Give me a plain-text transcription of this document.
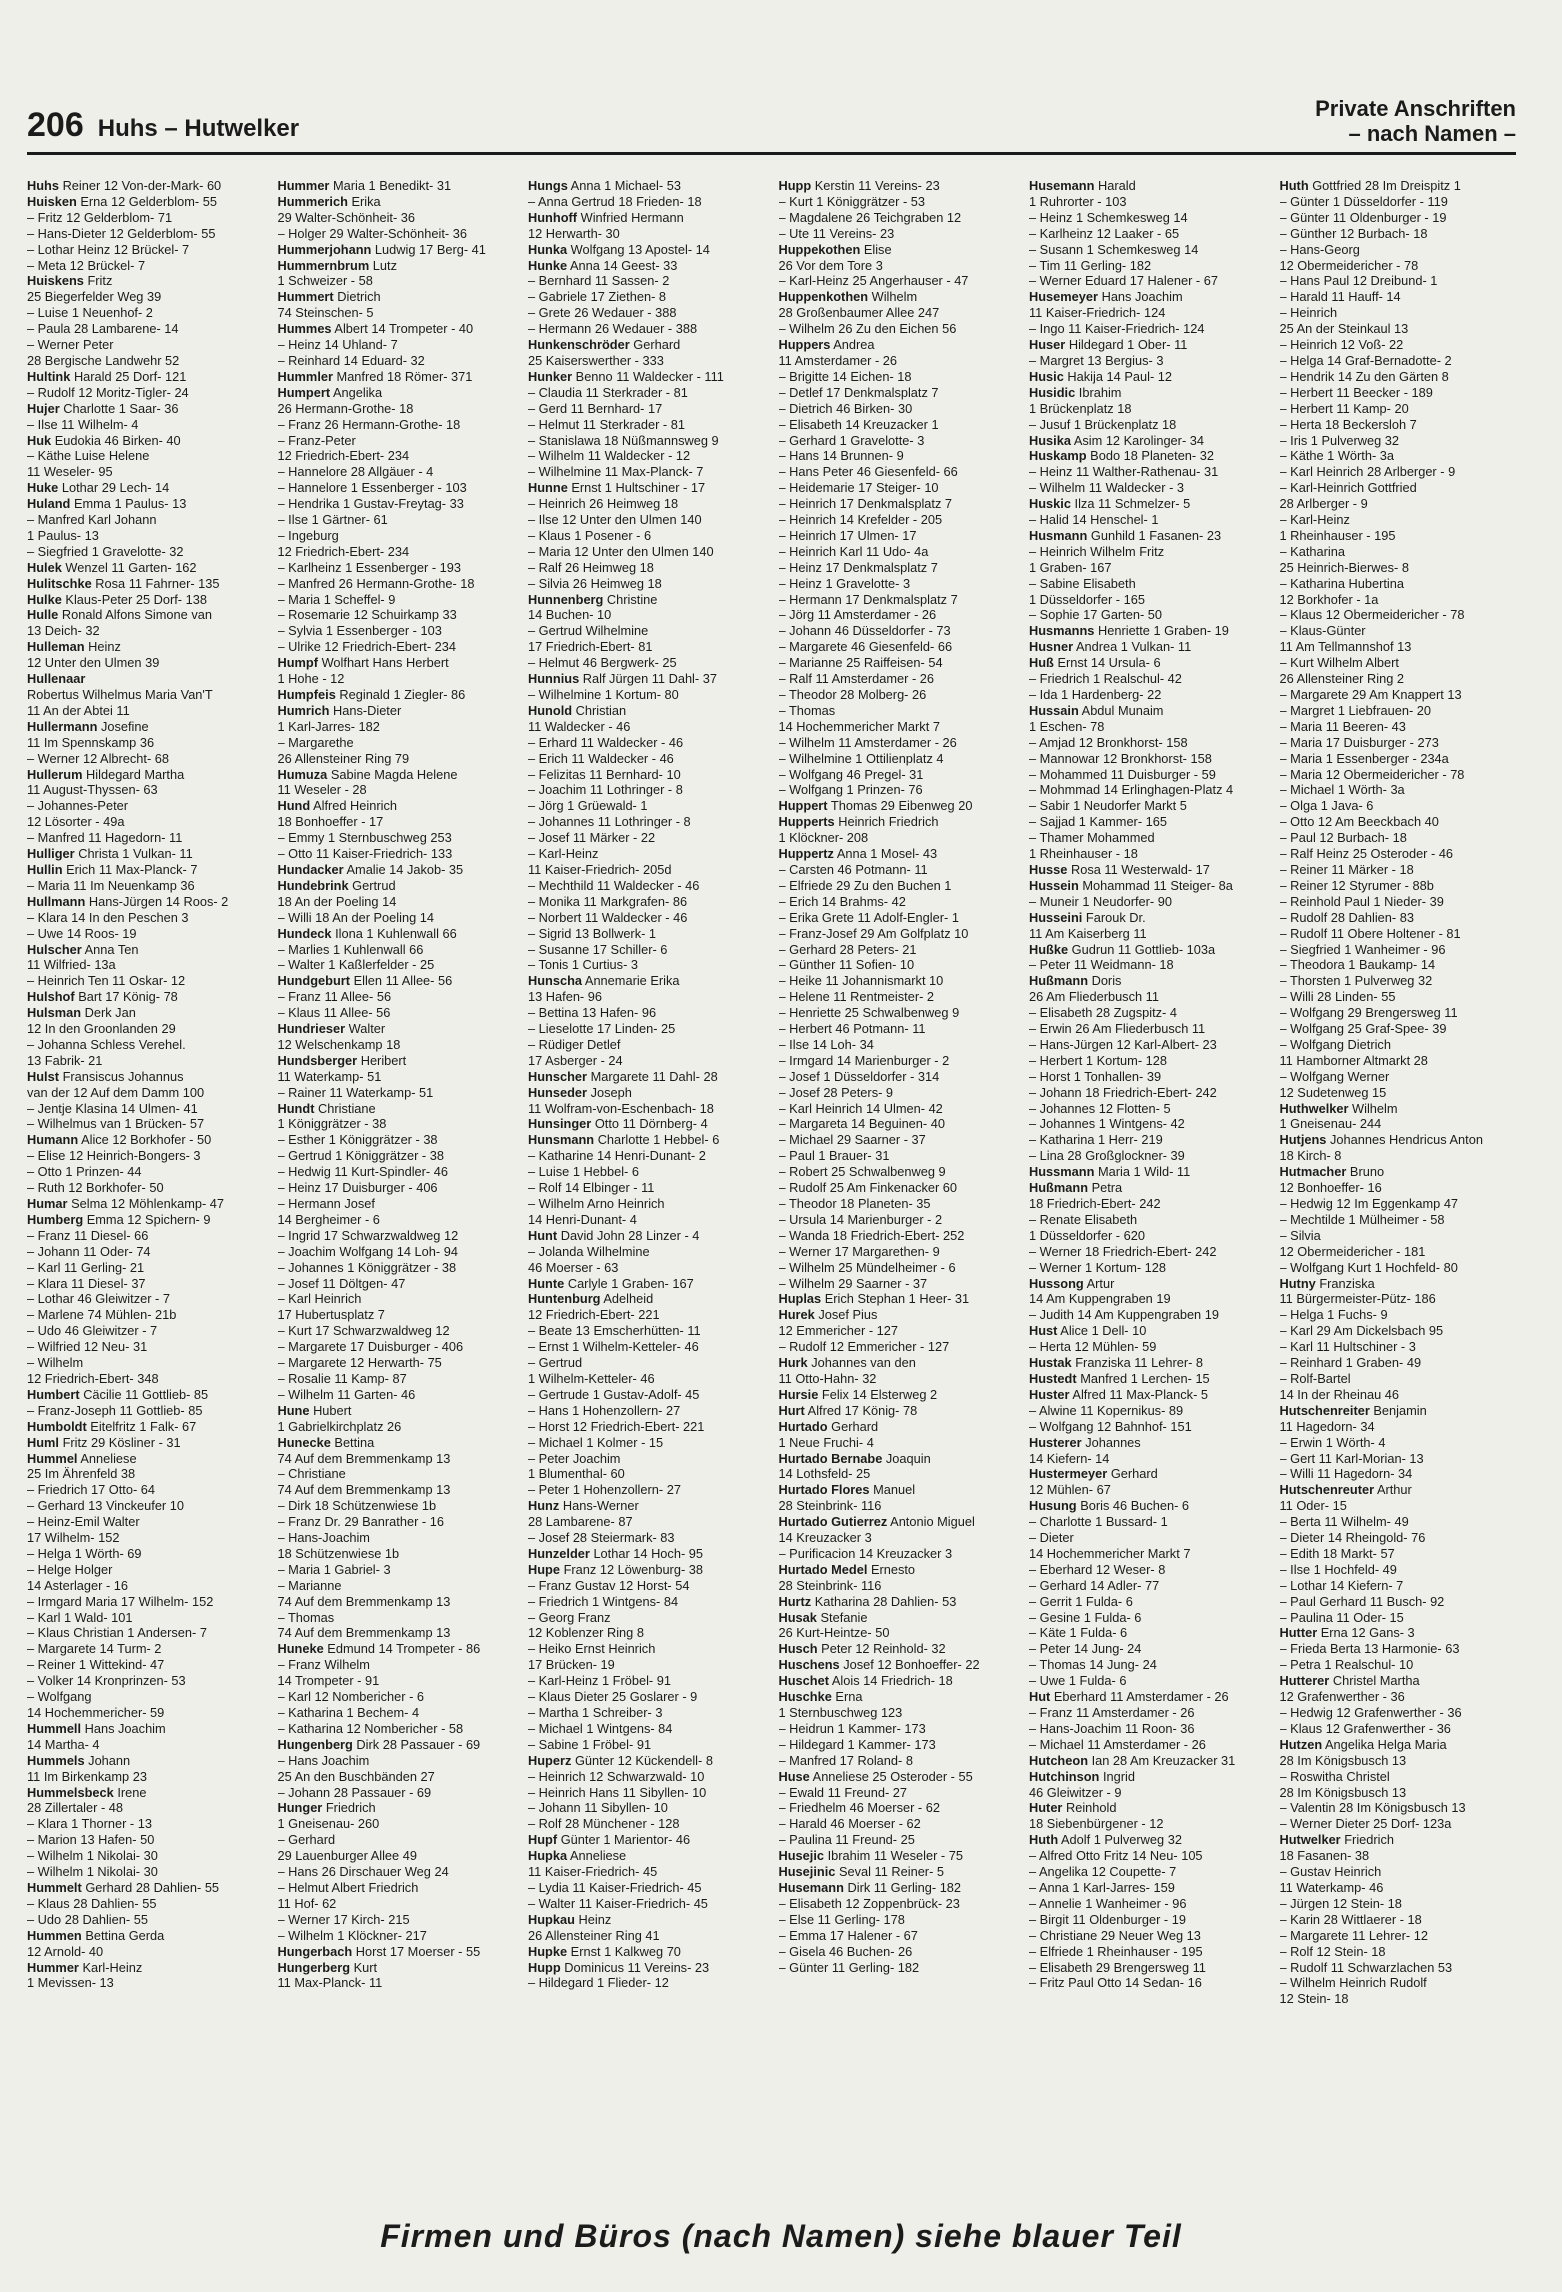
206 Huhs – Hutwelker
Private Anschriften
– nach Namen –

Huhs Reiner 12 Von-der-Mark- 60

Huisken Erna 12 Gelderblom- 55

– Fritz 12 Gelderblom- 71

– Hans-Dieter 12 Gelderblom- 55

– Lothar Heinz 12 Brückel- 7

– Meta 12 Brückel- 7

Huiskens Fritz

25 Biegerfelder Weg 39

– Luise 1 Neuenhof- 2

– Paula 28 Lambarene- 14

– Werner Peter

28 Bergische Landwehr 52

Hultink Harald 25 Dorf- 121

– Rudolf 12 Moritz-Tigler- 24

Hujer Charlotte 1 Saar- 36

– Ilse 11 Wilhelm- 4

Huk Eudokia 46 Birken- 40

– Käthe Luise Helene

11 Weseler- 95

Huke Lothar 29 Lech- 14

Huland Emma 1 Paulus- 13

– Manfred Karl Johann

1 Paulus- 13

– Siegfried 1 Gravelotte- 32

Hulek Wenzel 11 Garten- 162

Hulitschke Rosa 11 Fahrner- 135

Hulke Klaus-Peter 25 Dorf- 138

Hulle Ronald Alfons Simone van

13 Deich- 32

Hulleman Heinz

12 Unter den Ulmen 39

Hullenaar

Robertus Wilhelmus Maria Van'T

11 An der Abtei 11

Hullermann Josefine

11 Im Spennskamp 36

– Werner 12 Albrecht- 68

Hullerum Hildegard Martha

11 August-Thyssen- 63

– Johannes-Peter

12 Lösorter - 49a

– Manfred 11 Hagedorn- 11

Hulliger Christa 1 Vulkan- 11

Hullin Erich 11 Max-Planck- 7

– Maria 11 Im Neuenkamp 36

Hullmann Hans-Jürgen 14 Roos- 2

– Klara 14 In den Peschen 3

– Uwe 14 Roos- 19

Hulscher Anna Ten

11 Wilfried- 13a

– Heinrich Ten 11 Oskar- 12

Hulshof Bart 17 König- 78

Hulsman Derk Jan

12 In den Groonlanden 29

– Johanna Schless Verehel.

13 Fabrik- 21

Hulst Fransiscus Johannus

van der 12 Auf dem Damm 100

– Jentje Klasina 14 Ulmen- 41

– Wilhelmus van 1 Brücken- 57

Humann Alice 12 Borkhofer - 50

– Elise 12 Heinrich-Bongers- 3

– Otto 1 Prinzen- 44

– Ruth 12 Borkhofer- 50

Humar Selma 12 Möhlenkamp- 47

Humberg Emma 12 Spichern- 9

– Franz 11 Diesel- 66

– Johann 11 Oder- 74

– Karl 11 Gerling- 21

– Klara 11 Diesel- 37

– Lothar 46 Gleiwitzer - 7

– Marlene 74 Mühlen- 21b

– Udo 46 Gleiwitzer - 7

– Wilfried 12 Neu- 31

– Wilhelm

12 Friedrich-Ebert- 348

Humbert Cäcilie 11 Gottlieb- 85

– Franz-Joseph 11 Gottlieb- 85

Humboldt Eitelfritz 1 Falk- 67

Huml Fritz 29 Kösliner - 31

Hummel Anneliese

25 Im Ährenfeld 38

– Friedrich 17 Otto- 64

– Gerhard 13 Vinckeufer 10

– Heinz-Emil Walter

17 Wilhelm- 152

– Helga 1 Wörth- 69

– Helge Holger

14 Asterlager - 16

– Irmgard Maria 17 Wilhelm- 152

– Karl 1 Wald- 101

– Klaus Christian 1 Andersen- 7

– Margarete 14 Turm- 2

– Reiner 1 Wittekind- 47

– Volker 14 Kronprinzen- 53

– Wolfgang

14 Hochemmericher- 59

Hummell Hans Joachim

14 Martha- 4

Hummels Johann

11 Im Birkenkamp 23

Hummelsbeck Irene

28 Zillertaler - 48

– Klara 1 Thorner - 13

– Marion 13 Hafen- 50

– Wilhelm 1 Nikolai- 30

– Wilhelm 1 Nikolai- 30

Hummelt Gerhard 28 Dahlien- 55

– Klaus 28 Dahlien- 55

– Udo 28 Dahlien- 55

Hummen Bettina Gerda

12 Arnold- 40

Hummer Karl-Heinz

1 Mevissen- 13

Hummer Maria 1 Benedikt- 31

Hummerich Erika

29 Walter-Schönheit- 36

– Holger 29 Walter-Schönheit- 36

Hummerjohann Ludwig 17 Berg- 41

Hummernbrum Lutz

1 Schweizer - 58

Hummert Dietrich

74 Steinschen- 5

Hummes Albert 14 Trompeter - 40

– Heinz 14 Uhland- 7

– Reinhard 14 Eduard- 32

Hummler Manfred 18 Römer- 371

Humpert Angelika

26 Hermann-Grothe- 18

– Franz 26 Hermann-Grothe- 18

– Franz-Peter

12 Friedrich-Ebert- 234

– Hannelore 28 Allgäuer - 4

– Hannelore 1 Essenberger - 103

– Hendrika 1 Gustav-Freytag- 33

– Ilse 1 Gärtner- 61

– Ingeburg

12 Friedrich-Ebert- 234

– Karlheinz 1 Essenberger - 193

– Manfred 26 Hermann-Grothe- 18

– Maria 1 Scheffel- 9

– Rosemarie 12 Schuirkamp 33

– Sylvia 1 Essenberger - 103

– Ulrike 12 Friedrich-Ebert- 234

Humpf Wolfhart Hans Herbert

1 Hohe - 12

Humpfeis Reginald 1 Ziegler- 86

Humrich Hans-Dieter

1 Karl-Jarres- 182

– Margarethe

26 Allensteiner Ring 79

Humuza Sabine Magda Helene

11 Weseler - 28

Hund Alfred Heinrich

18 Bonhoeffer - 17

– Emmy 1 Sternbuschweg 253

– Otto 11 Kaiser-Friedrich- 133

Hundacker Amalie 14 Jakob- 35

Hundebrink Gertrud

18 An der Poeling 14

– Willi 18 An der Poeling 14

Hundeck Ilona 1 Kuhlenwall 66

– Marlies 1 Kuhlenwall 66

– Walter 1 Kaßlerfelder - 25

Hundgeburt Ellen 11 Allee- 56

– Franz 11 Allee- 56

– Klaus 11 Allee- 56

Hundrieser Walter

12 Welschenkamp 18

Hundsberger Heribert

11 Waterkamp- 51

– Rainer 11 Waterkamp- 51

Hundt Christiane

1 Königgrätzer - 38

– Esther 1 Königgrätzer - 38

– Gertrud 1 Königgrätzer - 38

– Hedwig 11 Kurt-Spindler- 46

– Heinz 17 Duisburger - 406

– Hermann Josef

14 Bergheimer - 6

– Ingrid 17 Schwarzwaldweg 12

– Joachim Wolfgang 14 Loh- 94

– Johannes 1 Königgrätzer - 38

– Josef 11 Döltgen- 47

– Karl Heinrich

17 Hubertusplatz 7

– Kurt 17 Schwarzwaldweg 12

– Margarete 17 Duisburger - 406

– Margarete 12 Herwarth- 75

– Rosalie 11 Kamp- 87

– Wilhelm 11 Garten- 46

Hune Hubert

1 Gabrielkirchplatz 26

Hunecke Bettina

74 Auf dem Bremmenkamp 13

– Christiane

74 Auf dem Bremmenkamp 13

– Dirk 18 Schützenwiese 1b

– Franz Dr. 29 Banrather - 16

– Hans-Joachim

18 Schützenwiese 1b

– Maria 1 Gabriel- 3

– Marianne

74 Auf dem Bremmenkamp 13

– Thomas

74 Auf dem Bremmenkamp 13

Huneke Edmund 14 Trompeter - 86

– Franz Wilhelm

14 Trompeter - 91

– Karl 12 Nombericher - 6

– Katharina 1 Bechem- 4

– Katharina 12 Nombericher - 58

Hungenberg Dirk 28 Passauer - 69

– Hans Joachim

25 An den Buschbänden 27

– Johann 28 Passauer - 69

Hunger Friedrich

1 Gneisenau- 260

– Gerhard

29 Lauenburger Allee 49

– Hans 26 Dirschauer Weg 24

– Helmut Albert Friedrich

11 Hof- 62

– Werner 17 Kirch- 215

– Wilhelm 1 Klöckner- 217

Hungerbach Horst 17 Moerser - 55

Hungerberg Kurt

11 Max-Planck- 11

Hungs Anna 1 Michael- 53

– Anna Gertrud 18 Frieden- 18

Hunhoff Winfried Hermann

12 Herwarth- 30

Hunka Wolfgang 13 Apostel- 14

Hunke Anna 14 Geest- 33

– Bernhard 11 Sassen- 2

– Gabriele 17 Ziethen- 8

– Grete 26 Wedauer - 388

– Hermann 26 Wedauer - 388

Hunkenschröder Gerhard

25 Kaiserswerther - 333

Hunker Benno 11 Waldecker - 111

– Claudia 11 Sterkrader - 81

– Gerd 11 Bernhard- 17

– Helmut 11 Sterkrader - 81

– Stanislawa 18 Nüßmannsweg 9

– Wilhelm 11 Waldecker - 12

– Wilhelmine 11 Max-Planck- 7

Hunne Ernst 1 Hultschiner - 17

– Heinrich 26 Heimweg 18

– Ilse 12 Unter den Ulmen 140

– Klaus 1 Posener - 6

– Maria 12 Unter den Ulmen 140

– Ralf 26 Heimweg 18

– Silvia 26 Heimweg 18

Hunnenberg Christine

14 Buchen- 10

– Gertrud Wilhelmine

17 Friedrich-Ebert- 81

– Helmut 46 Bergwerk- 25

Hunnius Ralf Jürgen 11 Dahl- 37

– Wilhelmine 1 Kortum- 80

Hunold Christian

11 Waldecker - 46

– Erhard 11 Waldecker - 46

– Erich 11 Waldecker - 46

– Felizitas 11 Bernhard- 10

– Joachim 11 Lothringer - 8

– Jörg 1 Grüewald- 1

– Johannes 11 Lothringer - 8

– Josef 11 Märker - 22

– Karl-Heinz

11 Kaiser-Friedrich- 205d

– Mechthild 11 Waldecker - 46

– Monika 11 Markgrafen- 86

– Norbert 11 Waldecker - 46

– Sigrid 13 Bollwerk- 1

– Susanne 17 Schiller- 6

– Tonis 1 Curtius- 3

Hunscha Annemarie Erika

13 Hafen- 96

– Bettina 13 Hafen- 96

– Lieselotte 17 Linden- 25

– Rüdiger Detlef

17 Asberger - 24

Hunscher Margarete 11 Dahl- 28

Hunseder Joseph

11 Wolfram-von-Eschenbach- 18

Hunsinger Otto 11 Dörnberg- 4

Hunsmann Charlotte 1 Hebbel- 6

– Katharine 14 Henri-Dunant- 2

– Luise 1 Hebbel- 6

– Rolf 14 Elbinger - 11

– Wilhelm Arno Heinrich

14 Henri-Dunant- 4

Hunt David John 28 Linzer - 4

– Jolanda Wilhelmine

46 Moerser - 63

Hunte Carlyle 1 Graben- 167

Huntenburg Adelheid

12 Friedrich-Ebert- 221

– Beate 13 Emscherhütten- 11

– Ernst 1 Wilhelm-Ketteler- 46

– Gertrud

1 Wilhelm-Ketteler- 46

– Gertrude 1 Gustav-Adolf- 45

– Hans 1 Hohenzollern- 27

– Horst 12 Friedrich-Ebert- 221

– Michael 1 Kolmer - 15

– Peter Joachim

1 Blumenthal- 60

– Peter 1 Hohenzollern- 27

Hunz Hans-Werner

28 Lambarene- 87

– Josef 28 Steiermark- 83

Hunzelder Lothar 14 Hoch- 95

Hupe Franz 12 Löwenburg- 38

– Franz Gustav 12 Horst- 54

– Friedrich 1 Wintgens- 84

– Georg Franz

12 Koblenzer Ring 8

– Heiko Ernst Heinrich

17 Brücken- 19

– Karl-Heinz 1 Fröbel- 91

– Klaus Dieter 25 Goslarer - 9

– Martha 1 Schreiber- 3

– Michael 1 Wintgens- 84

– Sabine 1 Fröbel- 91

Huperz Günter 12 Kückendell- 8

– Heinrich 12 Schwarzwald- 10

– Heinrich Hans 11 Sibyllen- 10

– Johann 11 Sibyllen- 10

– Rolf 28 Münchener - 128

Hupf Günter 1 Marientor- 46

Hupka Anneliese

11 Kaiser-Friedrich- 45

– Lydia 11 Kaiser-Friedrich- 45

– Walter 11 Kaiser-Friedrich- 45

Hupkau Heinz

26 Allensteiner Ring 41

Hupke Ernst 1 Kalkweg 70

Hupp Dominicus 11 Vereins- 23

– Hildegard 1 Flieder- 12

Hupp Kerstin 11 Vereins- 23

– Kurt 1 Königgrätzer - 53

– Magdalene 26 Teichgraben 12

– Ute 11 Vereins- 23

Huppekothen Elise

26 Vor dem Tore 3

– Karl-Heinz 25 Angerhauser - 47

Huppenkothen Wilhelm

28 Großenbaumer Allee 247

– Wilhelm 26 Zu den Eichen 56

Huppers Andrea

11 Amsterdamer - 26

– Brigitte 14 Eichen- 18

– Detlef 17 Denkmalsplatz 7

– Dietrich 46 Birken- 30

– Elisabeth 14 Kreuzacker 1

– Gerhard 1 Gravelotte- 3

– Hans 14 Brunnen- 9

– Hans Peter 46 Giesenfeld- 66

– Heidemarie 17 Steiger- 10

– Heinrich 17 Denkmalsplatz 7

– Heinrich 14 Krefelder - 205

– Heinrich 17 Ulmen- 17

– Heinrich Karl 11 Udo- 4a

– Heinz 17 Denkmalsplatz 7

– Heinz 1 Gravelotte- 3

– Hermann 17 Denkmalsplatz 7

– Jörg 11 Amsterdamer - 26

– Johann 46 Düsseldorfer - 73

– Margarete 46 Giesenfeld- 66

– Marianne 25 Raiffeisen- 54

– Ralf 11 Amsterdamer - 26

– Theodor 28 Molberg- 26

– Thomas

14 Hochemmericher Markt 7

– Wilhelm 11 Amsterdamer - 26

– Wilhelmine 1 Ottilienplatz 4

– Wolfgang 46 Pregel- 31

– Wolfgang 1 Prinzen- 76

Huppert Thomas 29 Eibenweg 20

Hupperts Heinrich Friedrich

1 Klöckner- 208

Huppertz Anna 1 Mosel- 43

– Carsten 46 Potmann- 11

– Elfriede 29 Zu den Buchen 1

– Erich 14 Brahms- 42

– Erika Grete 11 Adolf-Engler- 1

– Franz-Josef 29 Am Golfplatz 10

– Gerhard 28 Peters- 21

– Günther 11 Sofien- 10

– Heike 11 Johannismarkt 10

– Helene 11 Rentmeister- 2

– Henriette 25 Schwalbenweg 9

– Herbert 46 Potmann- 11

– Ilse 14 Loh- 34

– Irmgard 14 Marienburger - 2

– Josef 1 Düsseldorfer - 314

– Josef 28 Peters- 9

– Karl Heinrich 14 Ulmen- 42

– Margareta 14 Beguinen- 40

– Michael 29 Saarner - 37

– Paul 1 Brauer- 31

– Robert 25 Schwalbenweg 9

– Rudolf 25 Am Finkenacker 60

– Theodor 18 Planeten- 35

– Ursula 14 Marienburger - 2

– Wanda 18 Friedrich-Ebert- 252

– Werner 17 Margarethen- 9

– Wilhelm 25 Mündelheimer - 6

– Wilhelm 29 Saarner - 37

Huplas Erich Stephan 1 Heer- 31

Hurek Josef Pius

12 Emmericher - 127

– Rudolf 12 Emmericher - 127

Hurk Johannes van den

11 Otto-Hahn- 32

Hursie Felix 14 Elsterweg 2

Hurt Alfred 17 König- 78

Hurtado Gerhard

1 Neue Fruchi- 4

Hurtado Bernabe Joaquin

14 Lothsfeld- 25

Hurtado Flores Manuel

28 Steinbrink- 116

Hurtado Gutierrez Antonio Miguel

14 Kreuzacker 3

– Purificacion 14 Kreuzacker 3

Hurtado Medel Ernesto

28 Steinbrink- 116

Hurtz Katharina 28 Dahlien- 53

Husak Stefanie

26 Kurt-Heintze- 50

Husch Peter 12 Reinhold- 32

Huschens Josef 12 Bonhoeffer- 22

Huschet Alois 14 Friedrich- 18

Huschke Erna

1 Sternbuschweg 123

– Heidrun 1 Kammer- 173

– Hildegard 1 Kammer- 173

– Manfred 17 Roland- 8

Huse Anneliese 25 Osteroder - 55

– Ewald 11 Freund- 27

– Friedhelm 46 Moerser - 62

– Harald 46 Moerser - 62

– Paulina 11 Freund- 25

Husejic Ibrahim 11 Weseler - 75

Husejinic Seval 11 Reiner- 5

Husemann Dirk 11 Gerling- 182

– Elisabeth 12 Zoppenbrück- 23

– Else 11 Gerling- 178

– Emma 17 Halener - 67

– Gisela 46 Buchen- 26

– Günter 11 Gerling- 182

Husemann Harald

1 Ruhrorter - 103

– Heinz 1 Schemkesweg 14

– Karlheinz 12 Laaker - 65

– Susann 1 Schemkesweg 14

– Tim 11 Gerling- 182

– Werner Eduard 17 Halener - 67

Husemeyer Hans Joachim

11 Kaiser-Friedrich- 124

– Ingo 11 Kaiser-Friedrich- 124

Huser Hildegard 1 Ober- 11

– Margret 13 Bergius- 3

Husic Hakija 14 Paul- 12

Husidic Ibrahim

1 Brückenplatz 18

– Jusuf 1 Brückenplatz 18

Husika Asim 12 Karolinger- 34

Huskamp Bodo 18 Planeten- 32

– Heinz 11 Walther-Rathenau- 31

– Wilhelm 11 Waldecker - 3

Huskic Ilza 11 Schmelzer- 5

– Halid 14 Henschel- 1

Husmann Gunhild 1 Fasanen- 23

– Heinrich Wilhelm Fritz

1 Graben- 167

– Sabine Elisabeth

1 Düsseldorfer - 165

– Sophie 17 Garten- 50

Husmanns Henriette 1 Graben- 19

Husner Andrea 1 Vulkan- 11

Huß Ernst 14 Ursula- 6

– Friedrich 1 Realschul- 42

– Ida 1 Hardenberg- 22

Hussain Abdul Munaim

1 Eschen- 78

– Amjad 12 Bronkhorst- 158

– Mannowar 12 Bronkhorst- 158

– Mohammed 11 Duisburger - 59

– Mohmmad 14 Erlinghagen-Platz 4

– Sabir 1 Neudorfer Markt 5

– Sajjad 1 Kammer- 165

– Thamer Mohammed

1 Rheinhauser - 18

Husse Rosa 11 Westerwald- 17

Hussein Mohammad 11 Steiger- 8a

– Muneir 1 Neudorfer- 90

Husseini Farouk Dr.

11 Am Kaiserberg 11

Hußke Gudrun 11 Gottlieb- 103a

– Peter 11 Weidmann- 18

Hußmann Doris

26 Am Fliederbusch 11

– Elisabeth 28 Zugspitz- 4

– Erwin 26 Am Fliederbusch 11

– Hans-Jürgen 12 Karl-Albert- 23

– Herbert 1 Kortum- 128

– Horst 1 Tonhallen- 39

– Johann 18 Friedrich-Ebert- 242

– Johannes 12 Flotten- 5

– Johannes 1 Wintgens- 42

– Katharina 1 Herr- 219

– Lina 28 Großglockner- 39

Hussmann Maria 1 Wild- 11

Hußmann Petra

18 Friedrich-Ebert- 242

– Renate Elisabeth

1 Düsseldorfer - 620

– Werner 18 Friedrich-Ebert- 242

– Werner 1 Kortum- 128

Hussong Artur

14 Am Kuppengraben 19

– Judith 14 Am Kuppengraben 19

Hust Alice 1 Dell- 10

– Herta 12 Mühlen- 59

Hustak Franziska 11 Lehrer- 8

Hustedt Manfred 1 Lerchen- 15

Huster Alfred 11 Max-Planck- 5

– Alwine 11 Kopernikus- 89

– Wolfgang 12 Bahnhof- 151

Husterer Johannes

14 Kiefern- 14

Hustermeyer Gerhard

12 Mühlen- 67

Husung Boris 46 Buchen- 6

– Charlotte 1 Bussard- 1

– Dieter

14 Hochemmericher Markt 7

– Eberhard 12 Weser- 8

– Gerhard 14 Adler- 77

– Gerrit 1 Fulda- 6

– Gesine 1 Fulda- 6

– Käte 1 Fulda- 6

– Peter 14 Jung- 24

– Thomas 14 Jung- 24

– Uwe 1 Fulda- 6

Hut Eberhard 11 Amsterdamer - 26

– Franz 11 Amsterdamer - 26

– Hans-Joachim 11 Roon- 36

– Michael 11 Amsterdamer - 26

Hutcheon Ian 28 Am Kreuzacker 31

Hutchinson Ingrid

46 Gleiwitzer - 9

Huter Reinhold

18 Siebenbürgener - 12

Huth Adolf 1 Pulverweg 32

– Alfred Otto Fritz 14 Neu- 105

– Angelika 12 Coupette- 7

– Anna 1 Karl-Jarres- 159

– Annelie 1 Wanheimer - 96

– Birgit 11 Oldenburger - 19

– Christiane 29 Neuer Weg 13

– Elfriede 1 Rheinhauser - 195

– Elisabeth 29 Brengersweg 11

– Fritz Paul Otto 14 Sedan- 16

Huth Gottfried 28 Im Dreispitz 1

– Günter 1 Düsseldorfer - 119

– Günter 11 Oldenburger - 19

– Günther 12 Burbach- 18

– Hans-Georg

12 Obermeidericher - 78

– Hans Paul 12 Dreibund- 1

– Harald 11 Hauff- 14

– Heinrich

25 An der Steinkaul 13

– Heinrich 12 Voß- 22

– Helga 14 Graf-Bernadotte- 2

– Hendrik 14 Zu den Gärten 8

– Herbert 11 Beecker - 189

– Herbert 11 Kamp- 20

– Herta 18 Beckersloh 7

– Iris 1 Pulverweg 32

– Käthe 1 Wörth- 3a

– Karl Heinrich 28 Arlberger - 9

– Karl-Heinrich Gottfried

28 Arlberger - 9

– Karl-Heinz

1 Rheinhauser - 195

– Katharina

25 Heinrich-Bierwes- 8

– Katharina Hubertina

12 Borkhofer - 1a

– Klaus 12 Obermeidericher - 78

– Klaus-Günter

11 Am Tellmannshof 13

– Kurt Wilhelm Albert

26 Allensteiner Ring 2

– Margarete 29 Am Knappert 13

– Margret 1 Liebfrauen- 20

– Maria 11 Beeren- 43

– Maria 17 Duisburger - 273

– Maria 1 Essenberger - 234a

– Maria 12 Obermeidericher - 78

– Michael 1 Wörth- 3a

– Olga 1 Java- 6

– Otto 12 Am Beeckbach 40

– Paul 12 Burbach- 18

– Ralf Heinz 25 Osteroder - 46

– Reiner 11 Märker - 18

– Reiner 12 Styrumer - 88b

– Reinhold Paul 1 Nieder- 39

– Rudolf 28 Dahlien- 83

– Rudolf 11 Obere Holtener - 81

– Siegfried 1 Wanheimer - 96

– Theodora 1 Baukamp- 14

– Thorsten 1 Pulverweg 32

– Willi 28 Linden- 55

– Wolfgang 29 Brengersweg 11

– Wolfgang 25 Graf-Spee- 39

– Wolfgang Dietrich

11 Hamborner Altmarkt 28

– Wolfgang Werner

12 Sudetenweg 15

Huthwelker Wilhelm

1 Gneisenau- 244

Hutjens Johannes Hendricus Anton

18 Kirch- 8

Hutmacher Bruno

12 Bonhoeffer- 16

– Hedwig 12 Im Eggenkamp 47

– Mechtilde 1 Mülheimer - 58

– Silvia

12 Obermeidericher - 181

– Wolfgang Kurt 1 Hochfeld- 80

Hutny Franziska

11 Bürgermeister-Pütz- 186

– Helga 1 Fuchs- 9

– Karl 29 Am Dickelsbach 95

– Karl 11 Hultschiner - 3

– Reinhard 1 Graben- 49

– Rolf-Bartel

14 In der Rheinau 46

Hutschenreiter Benjamin

11 Hagedorn- 34

– Erwin 1 Wörth- 4

– Gert 11 Karl-Morian- 13

– Willi 11 Hagedorn- 34

Hutschenreuter Arthur

11 Oder- 15

– Berta 11 Wilhelm- 49

– Dieter 14 Rheingold- 76

– Edith 18 Markt- 57

– Ilse 1 Hochfeld- 49

– Lothar 14 Kiefern- 7

– Paul Gerhard 11 Busch- 92

– Paulina 11 Oder- 15

Hutter Erna 12 Gans- 3

– Frieda Berta 13 Harmonie- 63

– Petra 1 Realschul- 10

Hutterer Christel Martha

12 Grafenwerther - 36

– Hedwig 12 Grafenwerther - 36

– Klaus 12 Grafenwerther - 36

Hutzen Angelika Helga Maria

28 Im Königsbusch 13

– Roswitha Christel

28 Im Königsbusch 13

– Valentin 28 Im Königsbusch 13

– Werner Dieter 25 Dorf- 123a

Hutwelker Friedrich

18 Fasanen- 38

– Gustav Heinrich

11 Waterkamp- 46

– Jürgen 12 Stein- 18

– Karin 28 Wittlaerer - 18

– Margarete 11 Lehrer- 12

– Rolf 12 Stein- 18

– Rudolf 11 Schwarzlachen 53

– Wilhelm Heinrich Rudolf

12 Stein- 18

Firmen und Büros (nach Namen) siehe blauer Teil
